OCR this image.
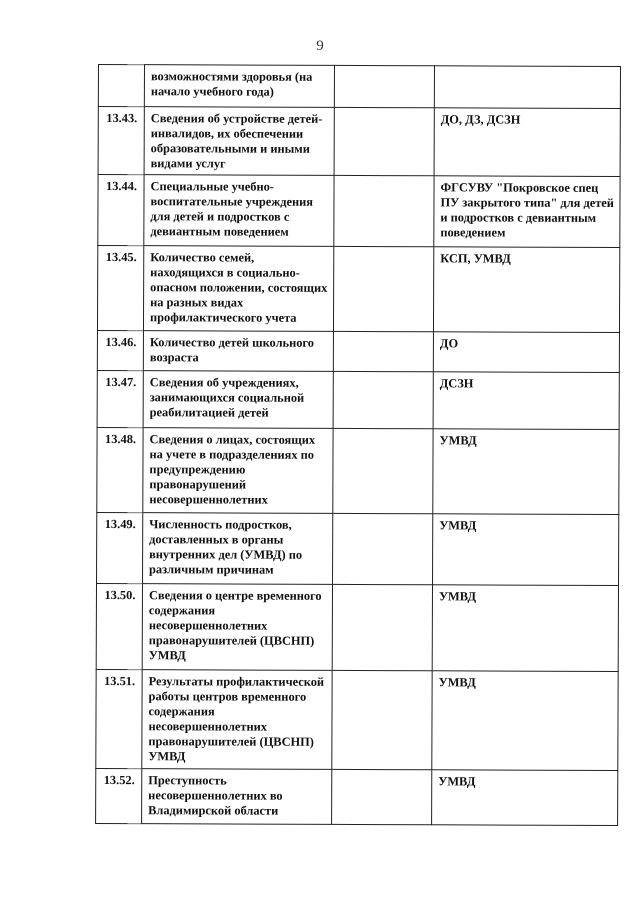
9
	возможностями здоровья (на начало учебного года)		
13.43.	Сведения об устройстве детей-инвалидов, их обеспечении образовательными и иными видами услуг		ДО, ДЗ, ДСЗН
13.44.	Специальные учебно-воспитательные учреждения для детей и подростков с девиантным поведением		ФГСУВУ "Покровское спец ПУ закрытого типа" для детей и подростков с девиантным поведением
13.45.	Количество семей, находящихся в социально-опасном положении, состоящих на разных видах профилактического учета		КСП, УМВД
13.46.	Количество детей школьного возраста		ДО
13.47.	Сведения об учреждениях, занимающихся социальной реабилитацией детей		ДСЗН
13.48.	Сведения о лицах, состоящих на учете в подразделениях по предупреждению правонарушений несовершеннолетних		УМВД
13.49.	Численность подростков, доставленных в органы внутренних дел (УМВД) по различным причинам		УМВД
13.50.	Сведения о центре временного содержания несовершеннолетних правонарушителей (ЦВСНП) УМВД		УМВД
13.51.	Результаты профилактической работы центров временного содержания несовершеннолетних правонарушителей (ЦВСНП) УМВД		УМВД
13.52.	Преступность несовершеннолетних во Владимирской области		УМВД
